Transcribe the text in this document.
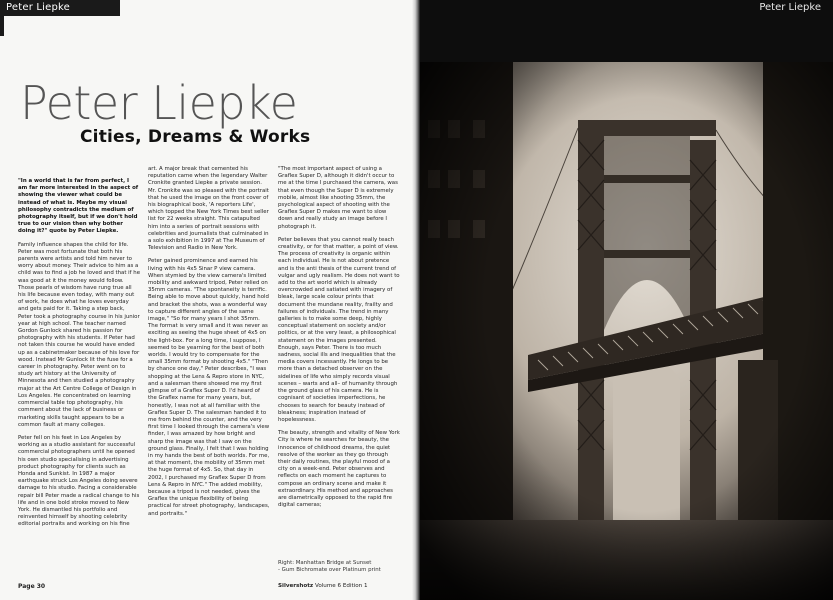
Peter Liepke
Peter Liepke
Cities, Dreams & Works

"In a world that is far from perfect, I am far more interested in the aspect of showing the viewer what could be instead of what is. Maybe my visual philosophy contradicts the medium of photography itself, but if we don't hold true to our vision then why bother doing it?" quote by Peter Liepke.

Family influence shapes the child for life. Peter was most fortunate that both his parents were artists and told him never to worry about money. Their advice to him as a child was to find a job he loved and that if he was good at it the money would follow. Those pearls of wisdom have rung true all his life because even today, with many out of work, he does what he loves everyday and gets paid for it. Taking a step back, Peter took a photography course in his junior year at high school. The teacher named Gordon Gunlock shared his passion for photography with his students. If Peter had not taken this course he would have ended up as a cabinetmaker because of his love for wood. Instead Mr Gunlock lit the fuse for a career in photography. Peter went on to study art history at the University of Minnesota and then studied a photography major at the Art Centre College of Design in Los Angeles. He concentrated on learning commercial table top photography, his comment about the lack of business or marketing skills taught appears to be a common fault at many colleges.

Peter fell on his feet in Los Angeles by working as a studio assistant for successful commercial photographers until he opened his own studio specialising in advertising product photography for clients such as Honda and Sunkist. In 1987 a major earthquake struck Los Angeles doing severe damage to his studio. Facing a considerable repair bill Peter made a radical change to his life and in one bold stroke moved to New York. He dismantled his portfolio and reinvented himself by shooting celebrity editorial portraits and working on his fine

art. A major break that cemented his reputation came when the legendary Walter Cronkite granted Liepke a private session. Mr. Cronkite was so pleased with the portrait that he used the image on the front cover of his biographical book, 'A reporters Life', which topped the New York Times best seller list for 22 weeks straight. This catapulted him into a series of portrait sessions with celebrities and journalists that culminated in a solo exhibition in 1997 at The Museum of Television and Radio in New York.

Peter gained prominence and earned his living with his 4x5 Sinar P view camera. When stymied by the view camera's limited mobility and awkward tripod, Peter relied on 35mm cameras. "The spontaneity is terrific. Being able to move about quickly, hand hold and bracket the shots, was a wonderful way to capture different angles of the same image," "So for many years I shot 35mm. The format is very small and it was never as exciting as seeing the huge sheet of 4x5 on the light-box. For a long time, I suppose, I seemed to be yearning for the best of both worlds. I would try to compensate for the small 35mm format by shooting 4x5." "Then by chance one day," Peter describes, "I was shopping at the Lens & Repro store in NYC, and a salesman there showed me my first glimpse of a Graflex Super D. I'd heard of the Graflex name for many years, but, honestly, I was not at all familiar with the Graflex Super D. The salesman handed it to me from behind the counter, and the very first time I looked through the camera's view finder, I was amazed by how bright and sharp the image was that I saw on the ground glass. Finally, I felt that I was holding in my hands the best of both worlds. For me, at that moment, the mobility of 35mm met the huge format of 4x5. So, that day in 2002, I purchased my Graflex Super D from Lens & Repro in NYC." The added mobility, because a tripod is not needed, gives the Graflex the unique flexibility of being practical for street photography, landscapes, and portraits."

"The most important aspect of using a Graflex Super D, although it didn't occur to me at the time I purchased the camera, was that even though the Super D is extremely mobile, almost like shooting 35mm, the psychological aspect of shooting with the Graflex Super D makes me want to slow down and really study an image before I photograph it.

Peter believes that you cannot really teach creativity, or for that matter, a point of view. The process of creativity is organic within each individual. He is not about pretence and is the anti thesis of the current trend of vulgar and ugly realism. He does not want to add to the art world which is already overcrowded and satiated with imagery of bleak, large scale colour prints that document the mundane reality, frailty and failures of individuals. The trend in many galleries is to make some deep, highly conceptual statement on society and/or politics, or at the very least, a philosophical statement on the images presented. Enough, says Peter. There is too much sadness, social ills and inequalities that the media covers incessantly. He longs to be more than a detached observer on the sidelines of life who simply records visual scenes – warts and all– of humanity through the ground glass of his camera. He is cognisant of societies imperfections, he chooses to search for beauty instead of bleakness; inspiration instead of hopelessness.

The beauty, strength and vitality of New York City is where he searches for beauty, the innocence of childhood dreams, the quiet resolve of the worker as they go through their daily routines, the playful mood of a city on a week-end. Peter observes and reflects on each moment he captures to compose an ordinary scene and make it extraordinary. His method and approaches are diametrically opposed to the rapid fire digital cameras;

Right: Manhattan Bridge at Sunset
- Gum Bichromate over Platinum print
Page 30	Silvershotz Volume 6 Edition 1
Peter Liepke
